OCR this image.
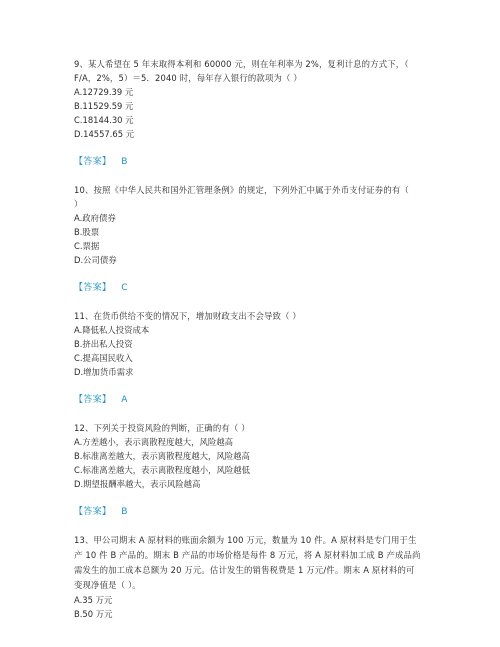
9、某人希望在 5 年末取得本利和 60000 元，则在年利率为 2%，复利计息的方式下，（
F/A，2%，5）＝5．2040 时，每年存入银行的款项为（ ）

A.12729.39 元

B.11529.59 元

C.18144.30 元

D.14557.65 元

【答案】 B

10、按照《中华人民共和国外汇管理条例》的规定，下列外汇中属于外币支付证券的有（
）

A.政府债券

B.股票

C.票据

D.公司债券

【答案】 C

11、在货币供给不变的情况下，增加财政支出不会导致（ ）

A.降低私人投资成本

B.挤出私人投资

C.提高国民收入

D.增加货币需求

【答案】 A

12、下列关于投资风险的判断，正确的有（ ）

A.方差越小，表示离散程度越大，风险越高

B.标准离差越大，表示离散程度越大，风险越高

C.标准离差越大，表示离散程度越小，风险越低

D.期望报酬率越大，表示风险越高

【答案】 B

13、甲公司期末 A 原材料的账面余额为 100 万元，数量为 10 件。A 原材料是专门用于生
产 10 件 B 产品的。期末 B 产品的市场价格是每件 8 万元，将 A 原材料加工成 B 产成品尚
需发生的加工成本总额为 20 万元。估计发生的销售税费是 1 万元/件。期末 A 原材料的可
变现净值是（ ）。

A.35 万元

B.50 万元
